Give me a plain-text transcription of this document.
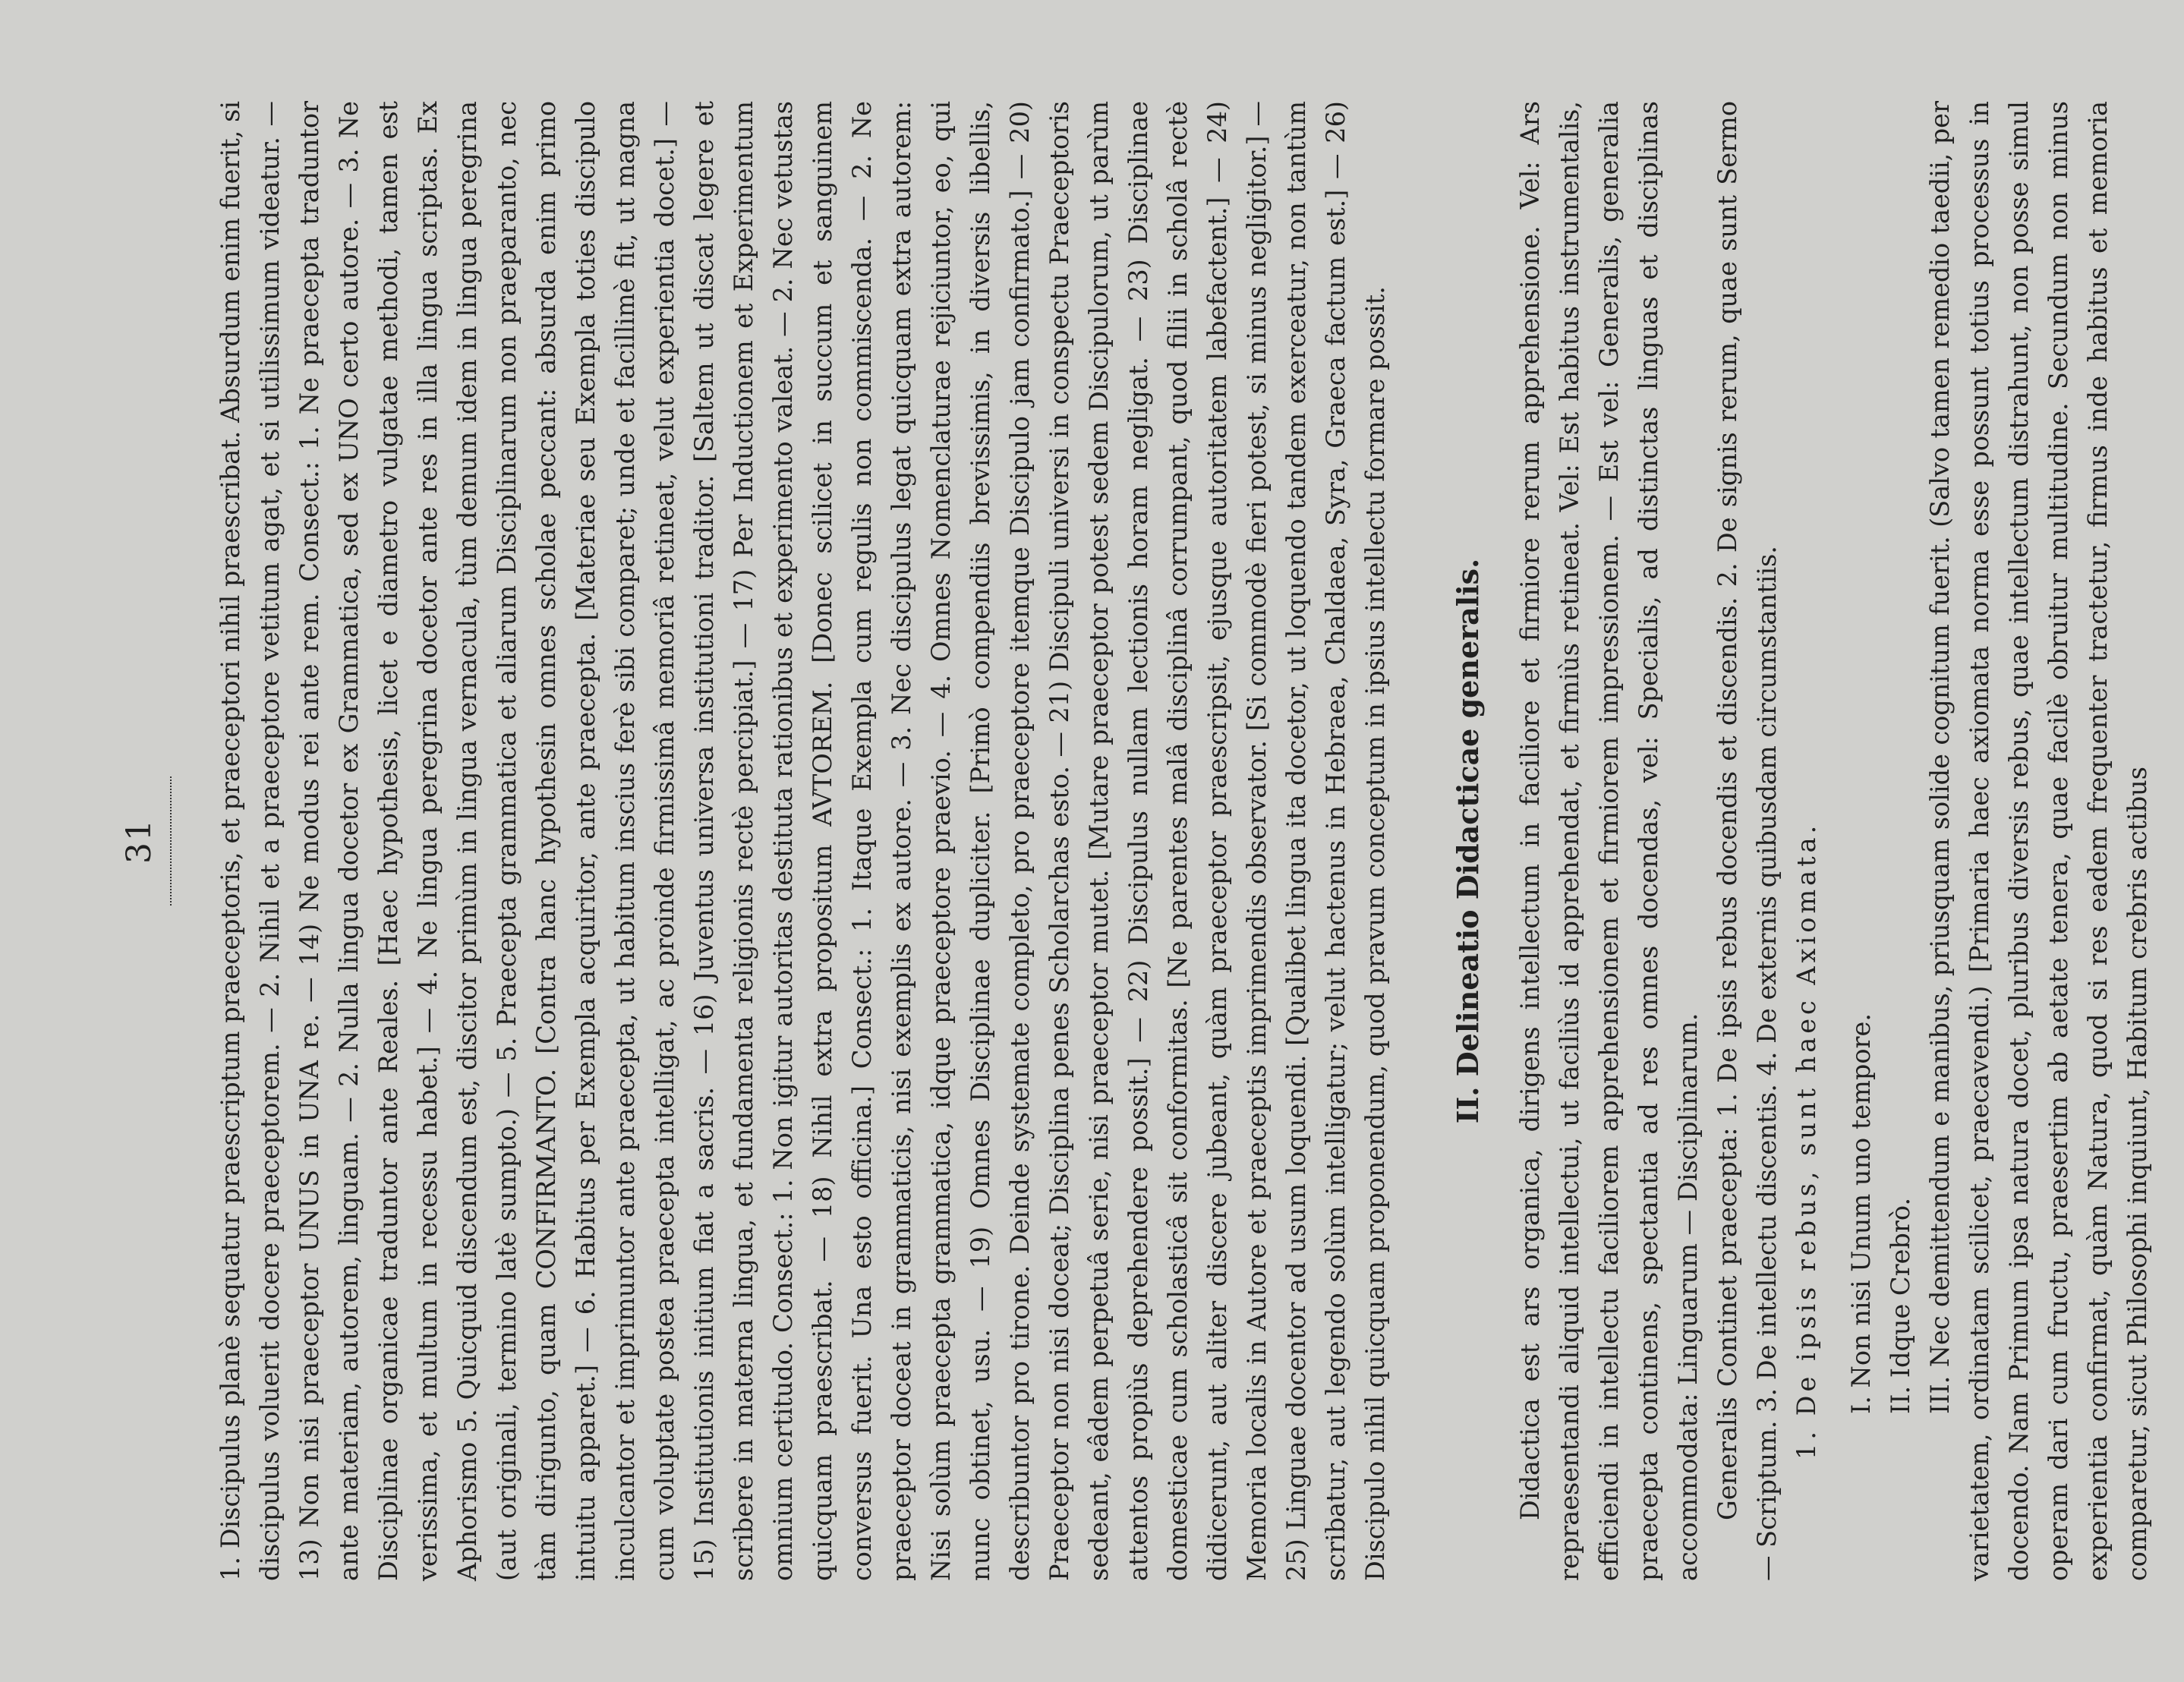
31 1. Discipulus planè sequatur praescriptum praeceptoris, et praeceptori nihil praescribat. Absurdum enim fuerit, si discipulus voluerit docere praeceptorem. — 2. Nihil et a praeceptore vetitum agat, et si utilissimum videatur. — 13) Non nisi praeceptor UNUS in UNA re. — 14) Ne modus rei ante rem. Consect.: 1. Ne praecepta traduntor ante materiam, autorem, linguam. — 2. Nulla lingua docetor ex Grammatica, sed ex UNO certo autore. — 3. Ne Disciplinae organicae traduntor ante Reales. [Haec hypothesis, licet e diametro vulgatae methodi, tamen est verissima, et multum in recessu habet.] — 4. Ne lingua peregrina docetor ante res in illa lingua scriptas. Ex Aphorismo 5. Quicquid discendum est, discitor primùm in lingua vernacula, tùm demum idem in lingua peregrina (aut originali, termino latè sumpto.) — 5. Praecepta grammatica et aliarum Disciplinarum non praeparanto, nec tàm dirigunto, quam CONFIRMANTO. [Contra hanc hypothesin omnes scholae peccant: absurda enim primo intuitu apparet.] — 6. Habitus per Exempla acquiritor, ante praecepta. [Materiae seu Exempla toties discipulo inculcantor et imprimuntor ante praecepta, ut habitum inscius ferè sibi comparet; unde et facillimè fit, ut magna cum voluptate postea praecepta intelligat, ac proinde firmissimâ memoriâ retineat, velut experientia docet.] — 15) Institutionis initium fiat a sacris. — 16) Juventus universa institutioni traditor. [Saltem ut discat legere et scribere in materna lingua, et fundamenta religionis rectè percipiat.] — 17) Per Inductionem et Experimentum omnium certitudo. Consect.: 1. Non igitur autoritas destituta rationibus et experimento valeat. — 2. Nec vetustas quicquam praescribat. — 18) Nihil extra propositum AVTOREM. [Donec scilicet in succum et sanguinem conversus fuerit. Una esto officina.] Consect.: 1. Itaque Exempla cum regulis non commiscenda. — 2. Ne praeceptor doceat in grammaticis, nisi exemplis ex autore. — 3. Nec discipulus legat quicquam extra autorem: Nisi solùm praecepta grammatica, idque praeceptore praevio. — 4. Omnes Nomenclaturae rejiciuntor, eo, qui nunc obtinet, usu. — 19) Omnes Disciplinae dupliciter. [Primò compendiis brevissimis, in diversis libellis, describuntor pro tirone. Deinde systemate completo, pro praeceptore itemque Discipulo jam confirmato.] — 20) Praeceptor non nisi doceat; Disciplina penes Scholarchas esto. — 21) Discipuli universi in conspectu Praeceptoris sedeant, eâdem perpetuâ serie, nisi praeceptor mutet. [Mutare praeceptor potest sedem Discipulorum, ut parùm attentos propiùs deprehendere possit.] — 22) Discipulus nullam lectionis horam negligat. — 23) Disciplinae domesticae cum scholasticâ sit conformitas. [Ne parentes malâ disciplinâ corrumpant, quod filii in scholâ rectè didicerunt, aut aliter discere jubeant, quàm praeceptor praescripsit, ejusque autoritatem labefactent.] — 24) Memoria localis in Autore et praeceptis imprimendis observator. [Si commodè fieri potest, si minus negligitor.] — 25) Linguae docentor ad usum loquendi. [Qualibet lingua ita docetor, ut loquendo tandem exerceatur, non tantùm scribatur, aut legendo solùm intelligatur; velut hactenus in Hebraea, Chaldaea, Syra, Graeca factum est.] — 26) Discipulo nihil quicquam proponendum, quod pravum conceptum in ipsius intellectu formare possit. II. Delineatio Didacticae generalis. Didactica est ars organica, dirigens intellectum in faciliore et firmiore rerum apprehensione. Vel: Ars repraesentandi aliquid intellectui, ut faciliùs id apprehendat, et firmiùs retineat. Vel: Est habitus instrumentalis, efficiendi in intellectu faciliorem apprehensionem et firmiorem impressionem. — Est vel: Generalis, generalia praecepta continens, spectantia ad res omnes docendas, vel: Specialis, ad distinctas linguas et disciplinas accommodata: Linguarum — Disciplinarum. Generalis Continet praecepta: 1. De ipsis rebus docendis et discendis. 2. De signis rerum, quae sunt Sermo — Scriptum. 3. De intellectu discentis. 4. De externis quibusdam circumstantiis. 1. De ipsis rebus, sunt haec Axiomata. I. Non nisi Unum uno tempore. II. Idque Crebrò. III. Nec demittendum e manibus, priusquam solide cognitum fuerit. (Salvo tamen remedio taedii, per varietatem, ordinatam scilicet, praecavendi.) [Primaria haec axiomata norma esse possunt totius processus in docendo. Nam Primum ipsa natura docet, pluribus diversis rebus, quae intellectum distrahunt, non posse simul operam dari cum fructu, praesertim ab aetate tenera, quae facilè obruitur multitudine. Secundum non minus experientia confirmat, quàm Natura, quod si res eadem frequenter tractetur, firmus inde habitus et memoria comparetur, sicut Philosophi inquiunt, Habitum crebris actibus
